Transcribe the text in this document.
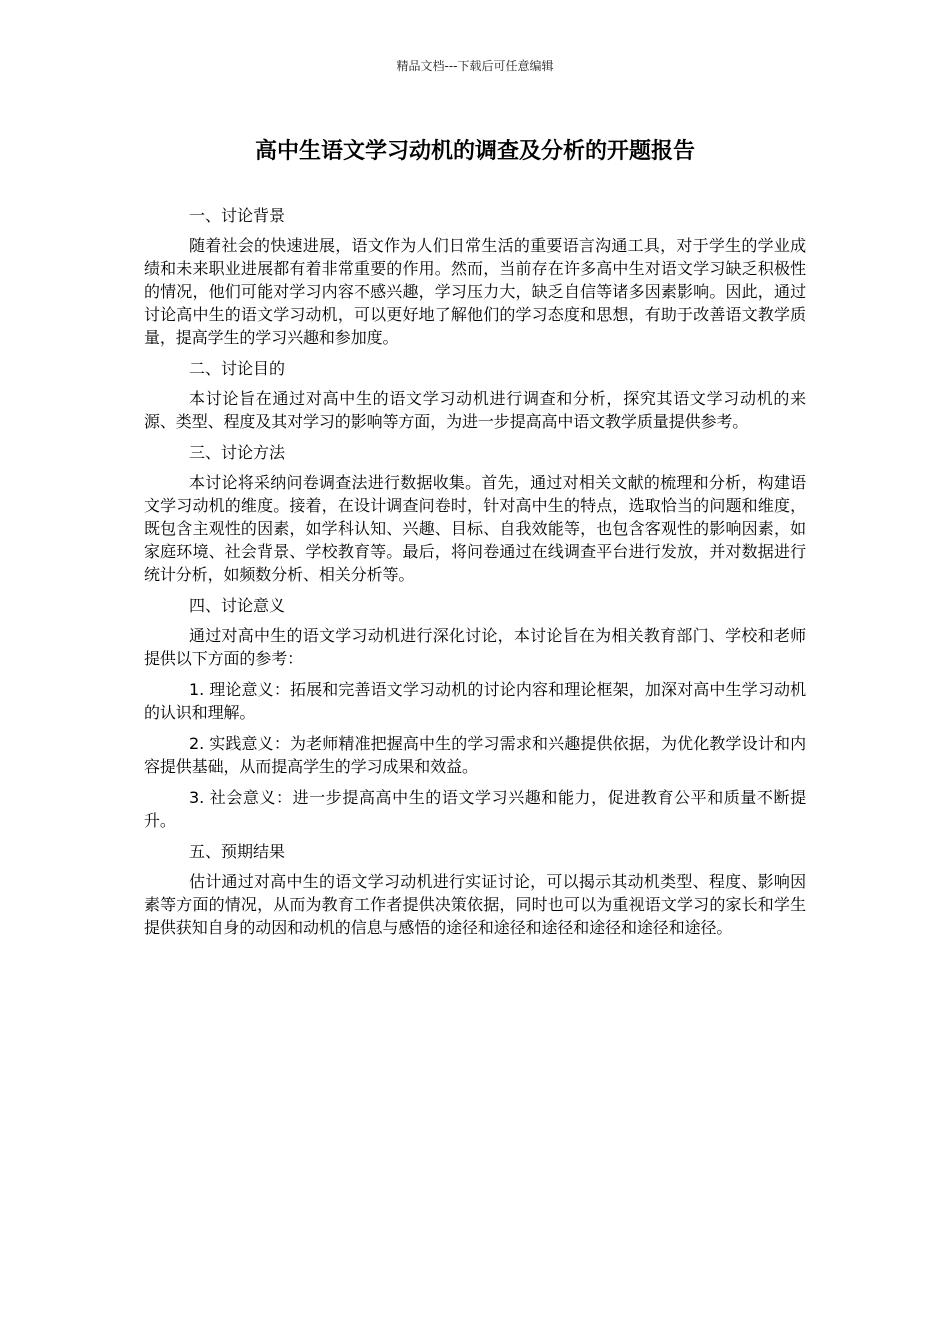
精品文档---下载后可任意编辑
高中生语文学习动机的调查及分析的开题报告

一、讨论背景

随着社会的快速进展，语文作为人们日常生活的重要语言沟通工具，对于学生的学业成绩和未来职业进展都有着非常重要的作用。然而，当前存在许多高中生对语文学习缺乏积极性的情况，他们可能对学习内容不感兴趣，学习压力大，缺乏自信等诸多因素影响。因此，通过讨论高中生的语文学习动机，可以更好地了解他们的学习态度和思想，有助于改善语文教学质量，提高学生的学习兴趣和参加度。

二、讨论目的

本讨论旨在通过对高中生的语文学习动机进行调查和分析，探究其语文学习动机的来源、类型、程度及其对学习的影响等方面，为进一步提高高中语文教学质量提供参考。

三、讨论方法

本讨论将采纳问卷调查法进行数据收集。首先，通过对相关文献的梳理和分析，构建语文学习动机的维度。接着，在设计调查问卷时，针对高中生的特点，选取恰当的问题和维度，既包含主观性的因素，如学科认知、兴趣、目标、自我效能等，也包含客观性的影响因素，如家庭环境、社会背景、学校教育等。最后，将问卷通过在线调查平台进行发放，并对数据进行统计分析，如频数分析、相关分析等。

四、讨论意义

通过对高中生的语文学习动机进行深化讨论，本讨论旨在为相关教育部门、学校和老师提供以下方面的参考：

1. 理论意义：拓展和完善语文学习动机的讨论内容和理论框架，加深对高中生学习动机的认识和理解。

2. 实践意义：为老师精准把握高中生的学习需求和兴趣提供依据，为优化教学设计和内容提供基础，从而提高学生的学习成果和效益。

3. 社会意义：进一步提高高中生的语文学习兴趣和能力，促进教育公平和质量不断提升。

五、预期结果

估计通过对高中生的语文学习动机进行实证讨论，可以揭示其动机类型、程度、影响因素等方面的情况，从而为教育工作者提供决策依据，同时也可以为重视语文学习的家长和学生提供获知自身的动因和动机的信息与感悟的途径和途径和途径和途径和途径和途径。
